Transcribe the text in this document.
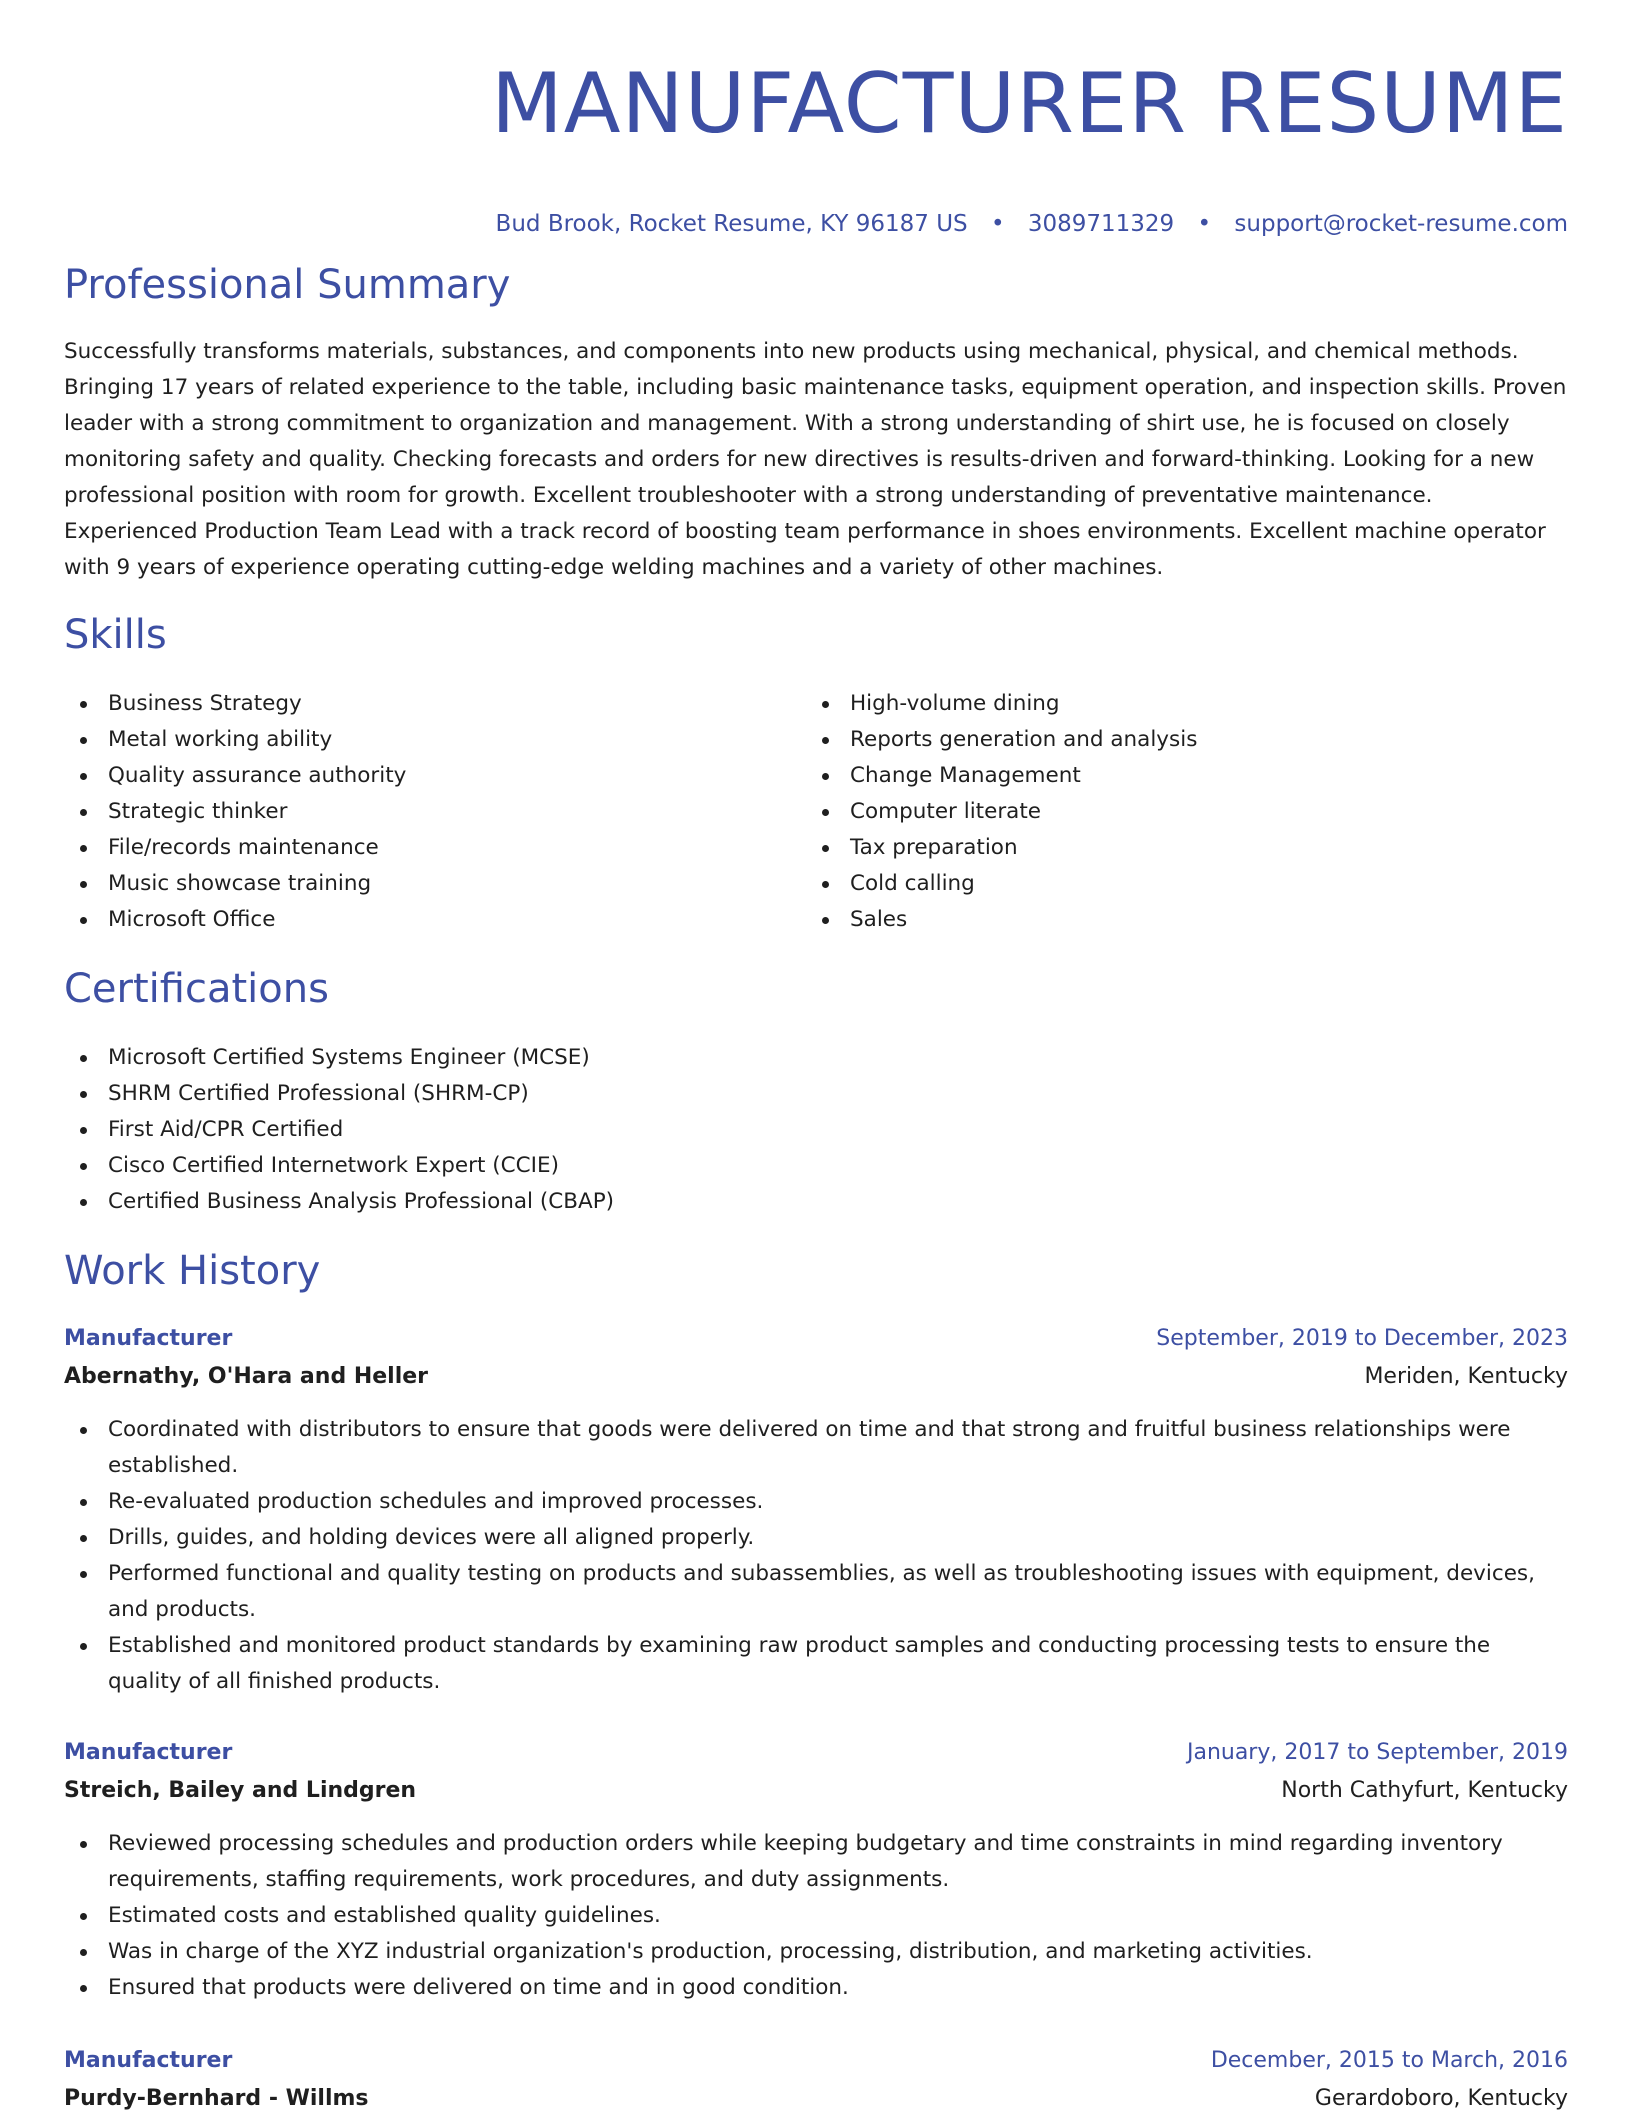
MANUFACTURER RESUME
Bud Brook, Rocket Resume, KY 96187 US • 3089711329 • support@rocket-resume.com
Professional Summary

Successfully transforms materials, substances, and components into new products using mechanical, physical, and chemical methods. Bringing 17 years of related experience to the table, including basic maintenance tasks, equipment operation, and inspection skills. Proven leader with a strong commitment to organization and management. With a strong understanding of shirt use, he is focused on closely monitoring safety and quality. Checking forecasts and orders for new directives is results-driven and forward-thinking. Looking for a new professional position with room for growth. Excellent troubleshooter with a strong understanding of preventative maintenance. Experienced Production Team Lead with a track record of boosting team performance in shoes environments. Excellent machine operator with 9 years of experience operating cutting-edge welding machines and a variety of other machines.

Skills
Business Strategy
Metal working ability
Quality assurance authority
Strategic thinker
File/records maintenance
Music showcase training
Microsoft Office
High-volume dining
Reports generation and analysis
Change Management
Computer literate
Tax preparation
Cold calling
Sales
Certifications
Microsoft Certified Systems Engineer (MCSE)
SHRM Certified Professional (SHRM-CP)
First Aid/CPR Certified
Cisco Certified Internetwork Expert (CCIE)
Certified Business Analysis Professional (CBAP)
Work History
Manufacturer	September, 2019 to December, 2023
Abernathy, O'Hara and Heller	Meriden, Kentucky
Coordinated with distributors to ensure that goods were delivered on time and that strong and fruitful business relationships were established.
Re-evaluated production schedules and improved processes.
Drills, guides, and holding devices were all aligned properly.
Performed functional and quality testing on products and subassemblies, as well as troubleshooting issues with equipment, devices, and products.
Established and monitored product standards by examining raw product samples and conducting processing tests to ensure the quality of all finished products.
Manufacturer	January, 2017 to September, 2019
Streich, Bailey and Lindgren	North Cathyfurt, Kentucky
Reviewed processing schedules and production orders while keeping budgetary and time constraints in mind regarding inventory requirements, staffing requirements, work procedures, and duty assignments.
Estimated costs and established quality guidelines.
Was in charge of the XYZ industrial organization's production, processing, distribution, and marketing activities.
Ensured that products were delivered on time and in good condition.
Manufacturer	December, 2015 to March, 2016
Purdy-Bernhard - Willms	Gerardoboro, Kentucky
